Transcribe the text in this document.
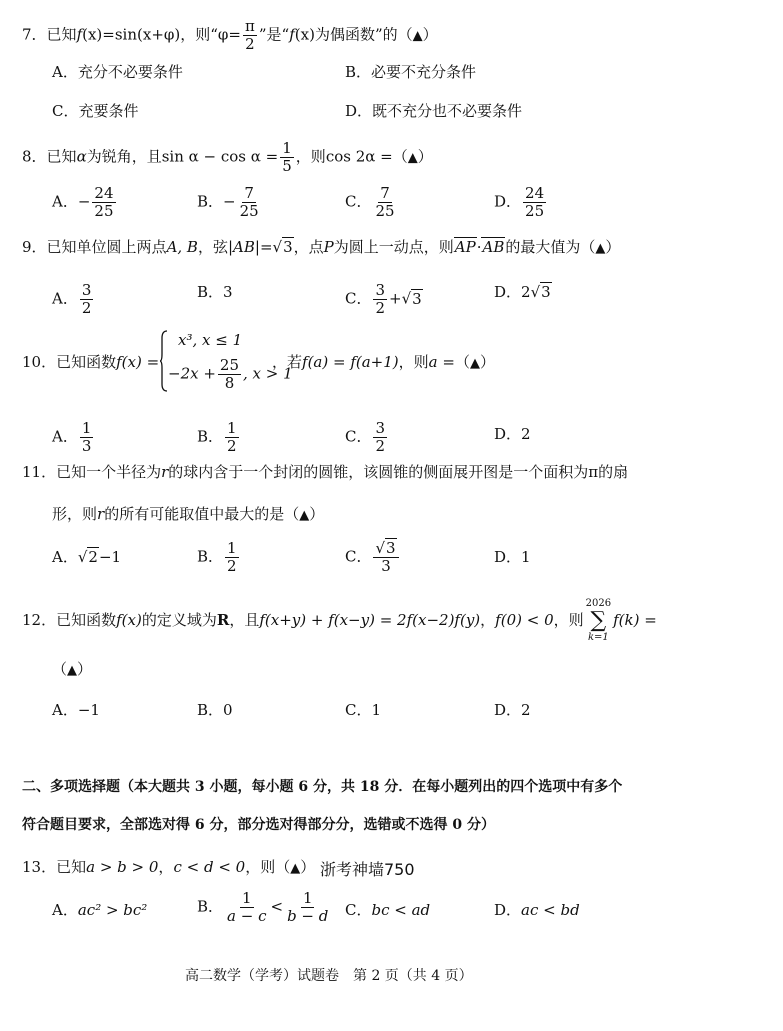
7．已知f(x)=sin(x+φ)，则“$\varphi= \frac{\pi}{2}$ ”是“f(x)为偶函数”的（▲）
A．充分不必要条件	B．必要不充分条件
C．充要条件	D．既不充分也不必要条件
8．已知α为锐角，且$\sin \alpha - \cos \alpha = \frac{1}{5}$ ，则cos 2α =（▲）
A．− $\frac{24}{25}$	B．− $\frac{7}{25}$	C． $\frac{7}{25}$	D． $\frac{24}{25}$
9．已知单位圆上两点A, B，弦|AB|=√3，点P为圆上一动点，则AP·AB的最大值为（▲）
A． $\frac{3}{2}$	B．3	C． $\frac{3}{2} +√3$	D．2√3
10．已知函数f(x) =
x³, x ≤ 1
$-2x + \frac{25}{8}$ , x > 1
，若f(a) = f(a+1)，则a =（▲）
A． $\frac{1}{3}$	B． $\frac{1}{2}$	C． $\frac{3}{2}$	D．2
11．已知一个半径为r的球内含于一个封闭的圆锥，该圆锥的侧面展开图是一个面积为π的扇
形，则r的所有可能取值中最大的是（▲）
A．√2−1	B． $\frac{1}{2}$	C． $\frac{√3}{3}$	D．1
12．已知函数f(x)的定义域为R，且f(x+y) + f(x−y) = 2f(x−2)f(y)，f(0) < 0，则
2026
∑
k=1
f(k) =
（▲）
A．−1	B．0	C．1	D．2
二、多项选择题（本大题共 3 小题，每小题 6 分，共 18 分．在每小题列出的四个选项中有多个
符合题目要求，全部选对得 6 分，部分选对得部分分，选错或不选得 0 分）
13．已知a > b > 0，c < d < 0，则（▲） 浙考神墙750
A．ac² > bc²	B． $\frac{1}{a - c} < \frac{1}{b - d}$ C．bc < ad	D．ac < bd
高二数学（学考）试题卷　第 2 页（共 4 页）
